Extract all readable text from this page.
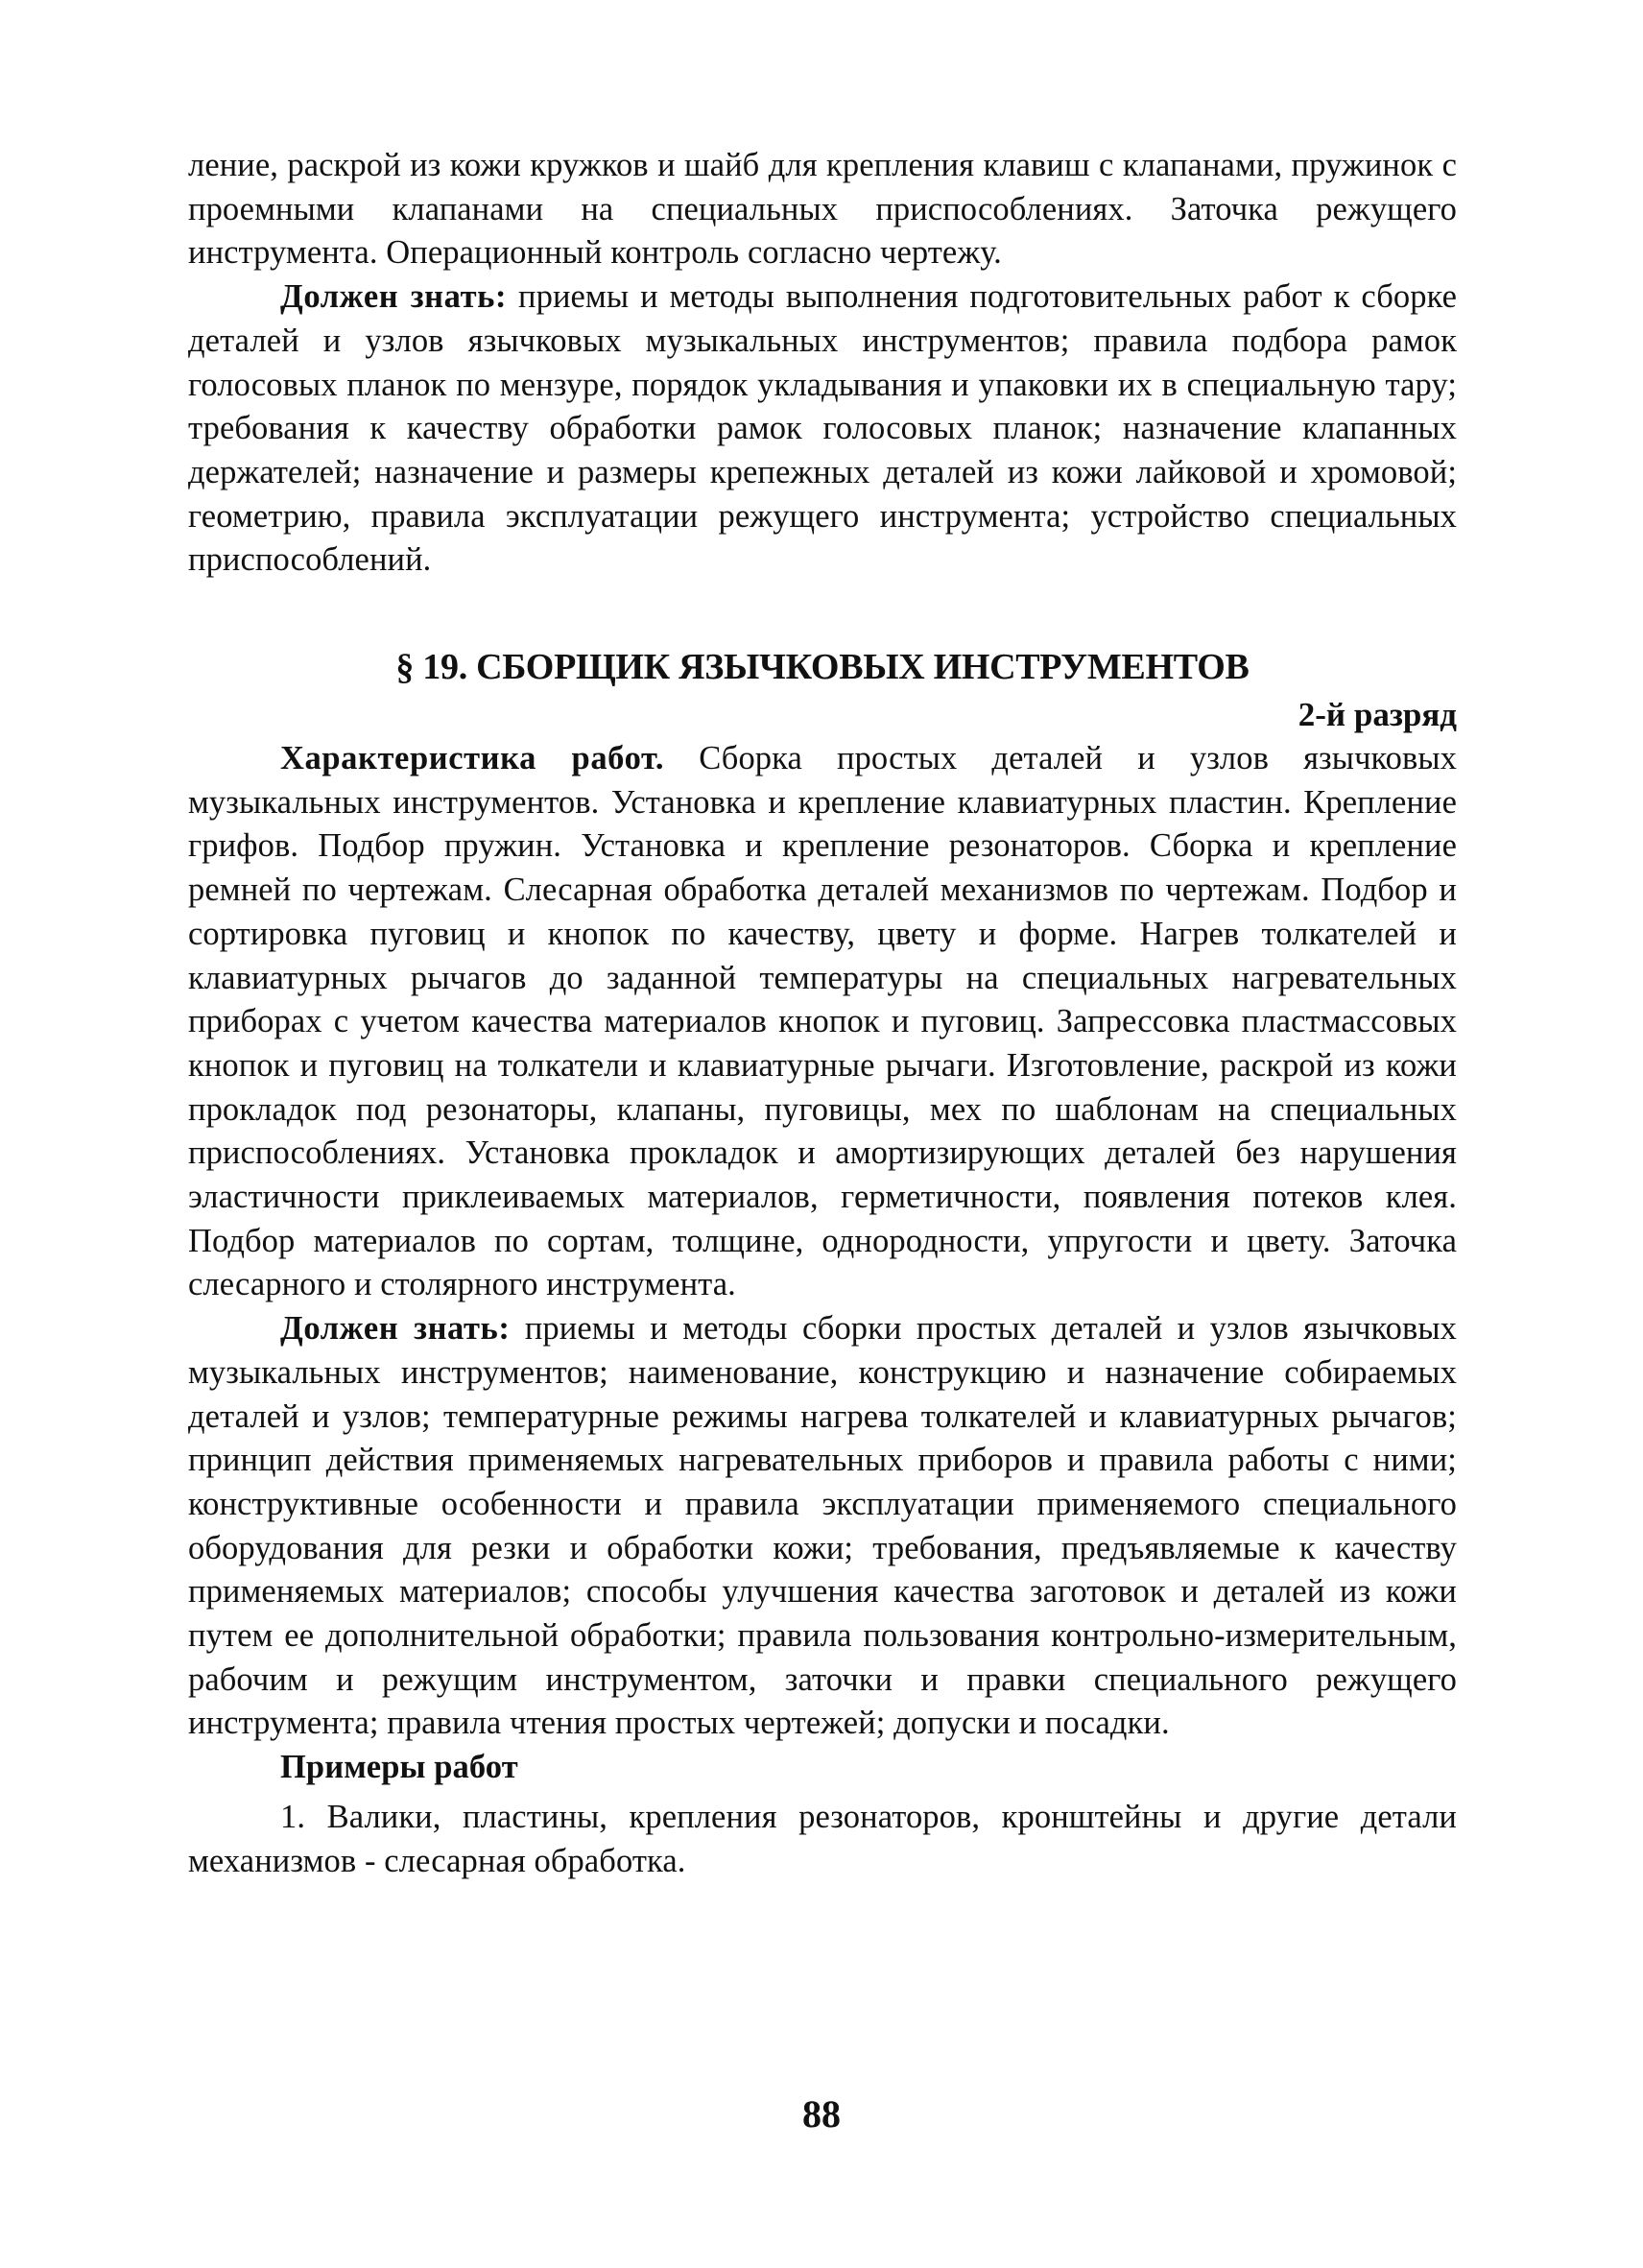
ление, раскрой из кожи кружков и шайб для крепления клавиш с клапанами, пружинок с проемными клапанами на специальных приспособлениях. Заточка режущего инструмента. Операционный контроль согласно чертежу.

Должен знать: приемы и методы выполнения подготовительных работ к сборке деталей и узлов язычковых музыкальных инструментов; правила подбора рамок голосовых планок по мензуре, порядок укладывания и упаковки их в специальную тару; требования к качеству обработки рамок голосовых планок; назначение клапанных держателей; назначение и размеры крепежных деталей из кожи лайковой и хромовой; геометрию, правила эксплуатации режущего инструмента; устройство специальных приспособлений.

§ 19. СБОРЩИК ЯЗЫЧКОВЫХ ИНСТРУМЕНТОВ
2-й разряд

Характеристика работ. Сборка простых деталей и узлов язычковых музыкальных инструментов. Установка и крепление клавиатурных пластин. Крепление грифов. Подбор пружин. Установка и крепление резонаторов. Сборка и крепление ремней по чертежам. Слесарная обработка деталей механизмов по чертежам. Подбор и сортировка пуговиц и кнопок по качеству, цвету и форме. Нагрев толкателей и клавиатурных рычагов до заданной температуры на специальных нагревательных приборах с учетом качества материалов кнопок и пуговиц. Запрессовка пластмассовых кнопок и пуговиц на толкатели и клавиатурные рычаги. Изготовление, раскрой из кожи прокладок под резонаторы, клапаны, пуговицы, мех по шаблонам на специальных приспособлениях. Установка прокладок и амортизирующих деталей без нарушения эластичности приклеиваемых материалов, герметичности, появления потеков клея. Подбор материалов по сортам, толщине, однородности, упругости и цвету. Заточка слесарного и столярного инструмента.

Должен знать: приемы и методы сборки простых деталей и узлов язычковых музыкальных инструментов; наименование, конструкцию и назначение собираемых деталей и узлов; температурные режимы нагрева толкателей и клавиатурных рычагов; принцип действия применяемых нагревательных приборов и правила работы с ними; конструктивные особенности и правила эксплуатации применяемого специального оборудования для резки и обработки кожи; требования, предъявляемые к качеству применяемых материалов; способы улучшения качества заготовок и деталей из кожи путем ее дополнительной обработки; правила пользования контрольно-измерительным, рабочим и режущим инструментом, заточки и правки специального режущего инструмента; правила чтения простых чертежей; допуски и посадки.

Примеры работ

1. Валики, пластины, крепления резонаторов, кронштейны и другие детали механизмов - слесарная обработка.

88
